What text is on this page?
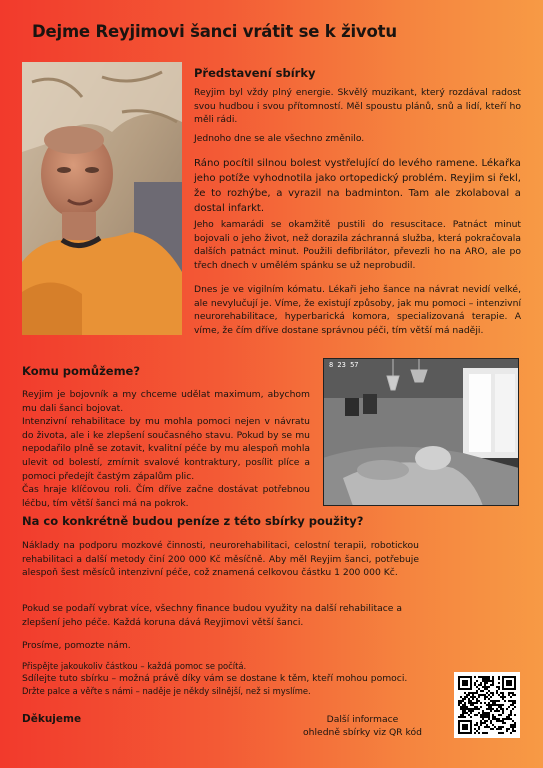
Dejme Reyjimovi šanci vrátit se k životu

Představení sbírky

Reyjim byl vždy plný energie. Skvělý muzikant, který rozdával radost svou hudbou i svou přítomností. Měl spoustu plánů, snů a lidí, kteří ho měli rádi.

Jednoho dne se ale všechno změnilo.

Ráno pocítil silnou bolest vystřelující do levého ramene. Lékařka jeho potíže vyhodnotila jako ortopedický problém. Reyjim si řekl, že to rozhýbe, a vyrazil na badminton. Tam ale zkolaboval a dostal infarkt.

Jeho kamarádi se okamžitě pustili do resuscitace. Patnáct minut bojovali o jeho život, než dorazila záchranná služba, která pokračovala dalších patnáct minut. Použili defibrilátor, převezli ho na ARO, ale po třech dnech v umělém spánku se už neprobudil.

Dnes je ve vigilním kómatu. Lékaři jeho šance na návrat nevidí velké, ale nevylučují je. Víme, že existují způsoby, jak mu pomoci – intenzivní neurorehabilitace, hyperbarická komora, specializovaná terapie. A víme, že čím dříve dostane správnou péči, tím větší má naději.

Komu pomůžeme?

Reyjim je bojovník a my chceme udělat maximum, abychom mu dali šanci bojovat.

Intenzivní rehabilitace by mu mohla pomoci nejen v návratu do života, ale i ke zlepšení současného stavu. Pokud by se mu nepodařilo plně se zotavit, kvalitní péče by mu alespoň mohla ulevit od bolestí, zmírnit svalové kontraktury, posílit plíce a pomoci předejít častým zápalům plic.

Čas hraje klíčovou roli. Čím dříve začne dostávat potřebnou léčbu, tím větší šanci má na pokrok.

8 23 57

Na co konkrétně budou peníze z této sbírky použity?

Náklady na podporu mozkové činnosti, neurorehabilitaci, celostní terapii, robotickou rehabilitaci a další metody činí 200 000 Kč měsíčně. Aby měl Reyjim šanci, potřebuje alespoň šest měsíců intenzivní péče, což znamená celkovou částku 1 200 000 Kč.

Pokud se podaří vybrat více, všechny finance budou využity na další rehabilitace a zlepšení jeho péče. Každá koruna dává Reyjimovi větší šanci.

Prosíme, pomozte nám.

Přispějte jakoukoliv částkou – každá pomoc se počítá.

Sdílejte tuto sbírku – možná právě díky vám se dostane k těm, kteří mohou pomoci.

Držte palce a věřte s námi – naděje je někdy silnější, než si myslíme.

Děkujeme	Další informace
ohledně sbírky viz QR kód
